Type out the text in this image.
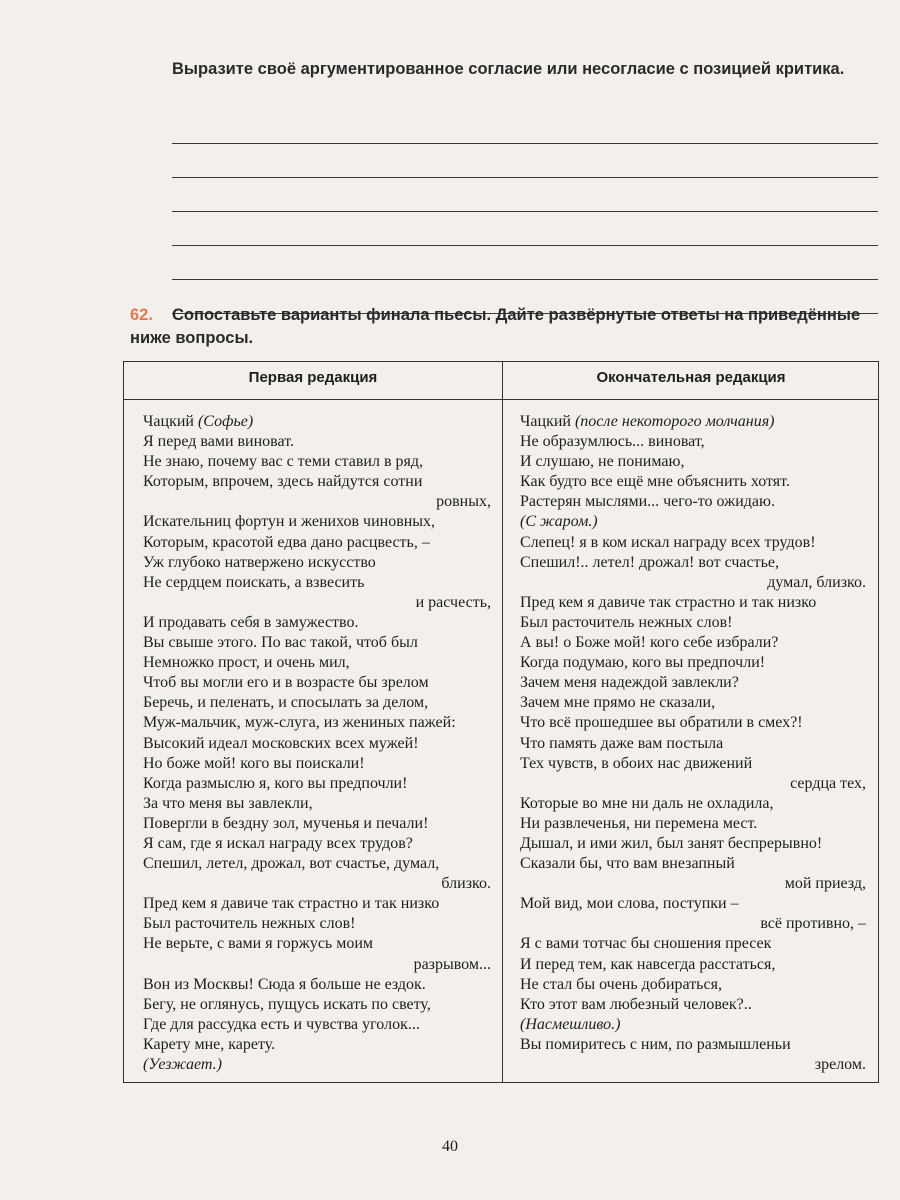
Выразите своё аргументированное согласие или несогласие с позицией критика.
62. Сопоставьте варианты финала пьесы. Дайте развёрнутые ответы на приведённые ниже вопросы.
Первая редакция	Окончательная редакция
Чацкий (Софье)
Я перед вами виноват.
Не знаю, почему вас с теми ставил в ряд,
Которым, впрочем, здесь найдутся сотни
ровных,
Искательниц фортун и женихов чиновных,
Которым, красотой едва дано расцвесть, –
Уж глубоко натвержено искусство
Не сердцем поискать, а взвесить
и расчесть,
И продавать себя в замужество.
Вы свыше этого. По вас такой, чтоб был
Немножко прост, и очень мил,
Чтоб вы могли его и в возрасте бы зрелом
Беречь, и пеленать, и спосылать за делом,
Муж-мальчик, муж-слуга, из жениных пажей:
Высокий идеал московских всех мужей!
Но боже мой! кого вы поискали!
Когда размыслю я, кого вы предпочли!
За что меня вы завлекли,
Повергли в бездну зол, мученья и печали!
Я сам, где я искал награду всех трудов?
Спешил, летел, дрожал, вот счастье, думал,
близко.
Пред кем я давиче так страстно и так низко
Был расточитель нежных слов!
Не верьте, с вами я горжусь моим
разрывом...
Вон из Москвы! Сюда я больше не ездок.
Бегу, не оглянусь, пущусь искать по свету,
Где для рассудка есть и чувства уголок...
Карету мне, карету.
(Уезжает.)
Чацкий (после некоторого молчания)
Не образумлюсь... виноват,
И слушаю, не понимаю,
Как будто все ещё мне объяснить хотят.
Растерян мыслями... чего-то ожидаю.
(С жаром.)
Слепец! я в ком искал награду всех трудов!
Спешил!.. летел! дрожал! вот счастье,
думал, близко.
Пред кем я давиче так страстно и так низко
Был расточитель нежных слов!
А вы! о Боже мой! кого себе избрали?
Когда подумаю, кого вы предпочли!
Зачем меня надеждой завлекли?
Зачем мне прямо не сказали,
Что всё прошедшее вы обратили в смех?!
Что память даже вам постыла
Тех чувств, в обоих нас движений
сердца тех,
Которые во мне ни даль не охладила,
Ни развлеченья, ни перемена мест.
Дышал, и ими жил, был занят беспрерывно!
Сказали бы, что вам внезапный
мой приезд,
Мой вид, мои слова, поступки –
всё противно, –
Я с вами тотчас бы сношения пресек
И перед тем, как навсегда расстаться,
Не стал бы очень добираться,
Кто этот вам любезный человек?..
(Насмешливо.)
Вы помиритесь с ним, по размышленьи
зрелом.
40
